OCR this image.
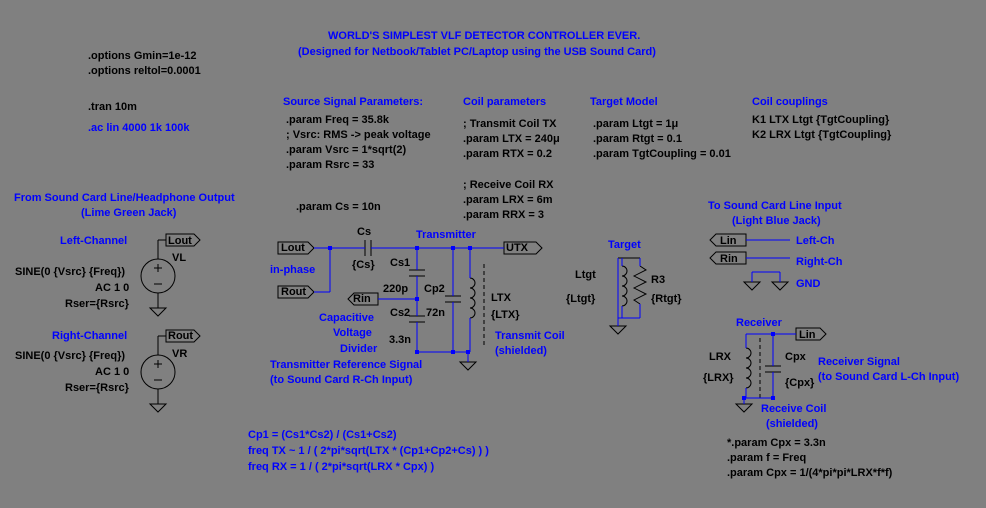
WORLD'S SIMPLEST VLF DETECTOR CONTROLLER EVER.
(Designed for Netbook/Tablet PC/Laptop using the USB Sound Card)
.options Gmin=1e-12
.options reltol=0.0001
.tran 10m
.ac lin 4000 1k 100k
Source Signal Parameters:
.param Freq = 35.8k
; Vsrc: RMS -> peak voltage
.param Vsrc = 1*sqrt(2)
.param Rsrc = 33
Coil parameters
; Transmit Coil TX
.param LTX = 240μ
.param RTX = 0.2
; Receive Coil RX
.param LRX = 6m
.param RRX = 3
Target Model
.param Ltgt = 1μ
.param Rtgt = 0.1
.param TgtCoupling = 0.01
Coil couplings
K1 LTX Ltgt {TgtCoupling}
K2 LRX Ltgt {TgtCoupling}
.param Cs = 10n
From Sound Card Line/Headphone Output
(Lime Green Jack)
Left-Channel	Lout
VL
SINE(0 {Vsrc} {Freq})
AC 1 0
Rser={Rsrc}
Right-Channel	Rout
VR
SINE(0 {Vsrc} {Freq})
AC 1 0
Rser={Rsrc}
Lout
Rout
in-phase
Cs
{Cs}
Transmitter
UTX
Cs1
220p Cp2
72n
Rin
Cs2
3.3n
LTX
{LTX}
Capacitive
Voltage
Divider
Transmit Coil
(shielded)
Transmitter Reference Signal
(to Sound Card R-Ch Input)
Target
Ltgt
{Ltgt}
R3
{Rtgt}
To Sound Card Line Input
(Light Blue Jack)
Lin
Rin
Left-Ch
Right-Ch
GND
Receiver
Lin
LRX
{LRX}
Cpx
{Cpx}
Receiver Signal
(to Sound Card L-Ch Input)
Receive Coil
(shielded)
Cp1 = (Cs1*Cs2) / (Cs1+Cs2)
freq TX ~ 1 / ( 2*pi*sqrt(LTX * (Cp1+Cp2+Cs) ) )
freq RX = 1 / ( 2*pi*sqrt(LRX * Cpx) )
*.param Cpx = 3.3n
.param f = Freq
.param Cpx = 1/(4*pi*pi*LRX*f*f)
